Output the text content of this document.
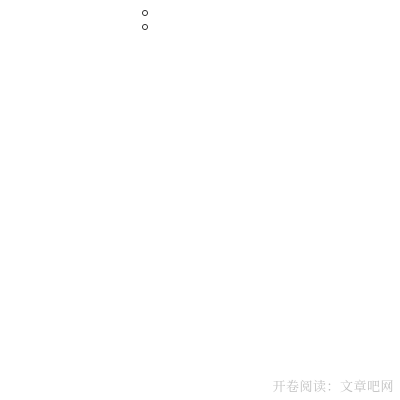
开卷阅读：文章吧网
